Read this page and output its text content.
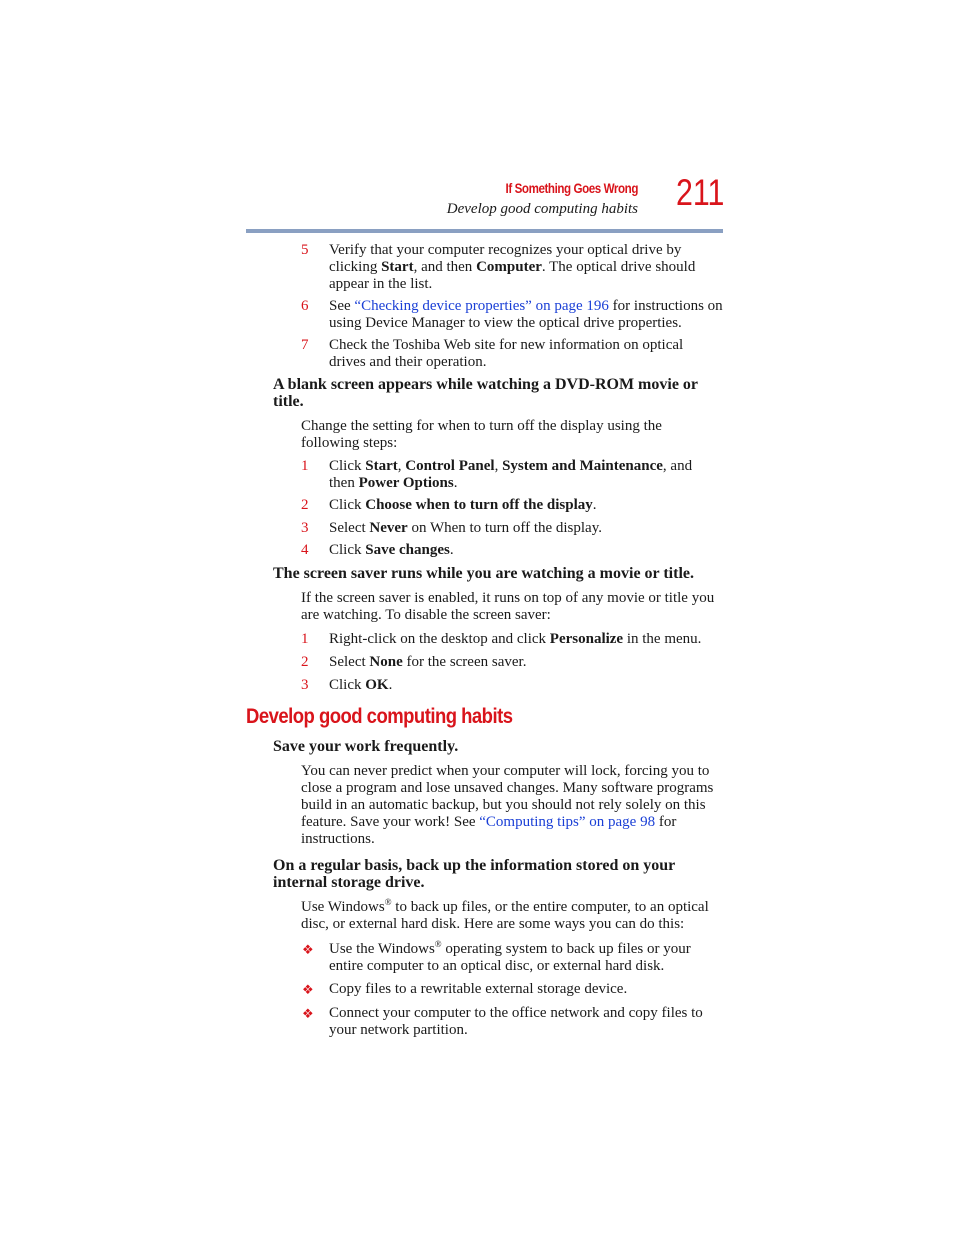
If Something Goes Wrong
Develop good computing habits 211
5	Verify that your computer recognizes your optical drive by clicking Start, and then Computer. The optical drive should appear in the list.
6	See “Checking device properties” on page 196 for instructions on using Device Manager to view the optical drive properties.
7	Check the Toshiba Web site for new information on optical drives and their operation.
A blank screen appears while watching a DVD-ROM movie or title.
Change the setting for when to turn off the display using the following steps:
1	Click Start, Control Panel, System and Maintenance, and then Power Options.
2	Click Choose when to turn off the display.
3	Select Never on When to turn off the display.
4	Click Save changes.
The screen saver runs while you are watching a movie or title.
If the screen saver is enabled, it runs on top of any movie or title you are watching. To disable the screen saver:
1	Right-click on the desktop and click Personalize in the menu.
2	Select None for the screen saver.
3	Click OK.
Develop good computing habits
Save your work frequently.
You can never predict when your computer will lock, forcing you to close a program and lose unsaved changes. Many software programs build in an automatic backup, but you should not rely solely on this feature. Save your work! See “Computing tips” on page 98 for instructions.
On a regular basis, back up the information stored on your internal storage drive.
Use Windows® to back up files, or the entire computer, to an optical disc, or external hard disk. Here are some ways you can do this:
❖ Use the Windows® operating system to back up files or your entire computer to an optical disc, or external hard disk.
❖ Copy files to a rewritable external storage device.
❖ Connect your computer to the office network and copy files to your network partition.
